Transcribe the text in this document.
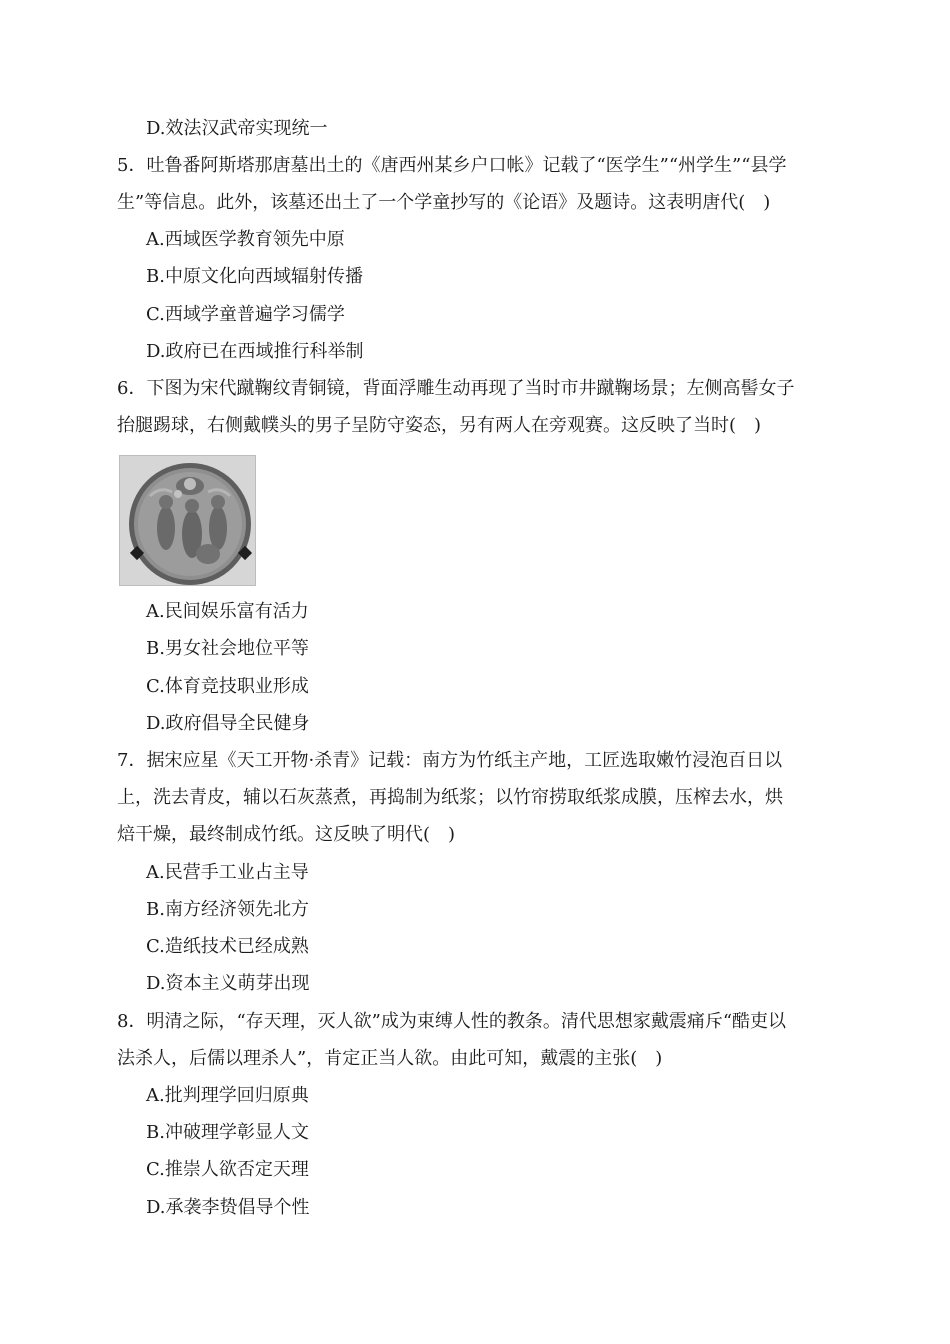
D.效法汉武帝实现统一
5．吐鲁番阿斯塔那唐墓出土的《唐西州某乡户口帐》记载了“医学生”“州学生”“县学
生”等信息。此外，该墓还出土了一个学童抄写的《论语》及题诗。这表明唐代(　)
A.西域医学教育领先中原
B.中原文化向西域辐射传播
C.西域学童普遍学习儒学
D.政府已在西域推行科举制
6．下图为宋代蹴鞠纹青铜镜，背面浮雕生动再现了当时市井蹴鞠场景；左侧高髻女子
抬腿踢球，右侧戴幞头的男子呈防守姿态，另有两人在旁观赛。这反映了当时(　)
A.民间娱乐富有活力
B.男女社会地位平等
C.体育竞技职业形成
D.政府倡导全民健身
7．据宋应星《天工开物·杀青》记载：南方为竹纸主产地，工匠选取嫩竹浸泡百日以
上，洗去青皮，辅以石灰蒸煮，再捣制为纸浆；以竹帘捞取纸浆成膜，压榨去水，烘
焙干燥，最终制成竹纸。这反映了明代(　)
A.民营手工业占主导
B.南方经济领先北方
C.造纸技术已经成熟
D.资本主义萌芽出现
8．明清之际，“存天理，灭人欲”成为束缚人性的教条。清代思想家戴震痛斥“酷吏以
法杀人，后儒以理杀人”，肯定正当人欲。由此可知，戴震的主张(　)
A.批判理学回归原典
B.冲破理学彰显人文
C.推崇人欲否定天理
D.承袭李贽倡导个性
